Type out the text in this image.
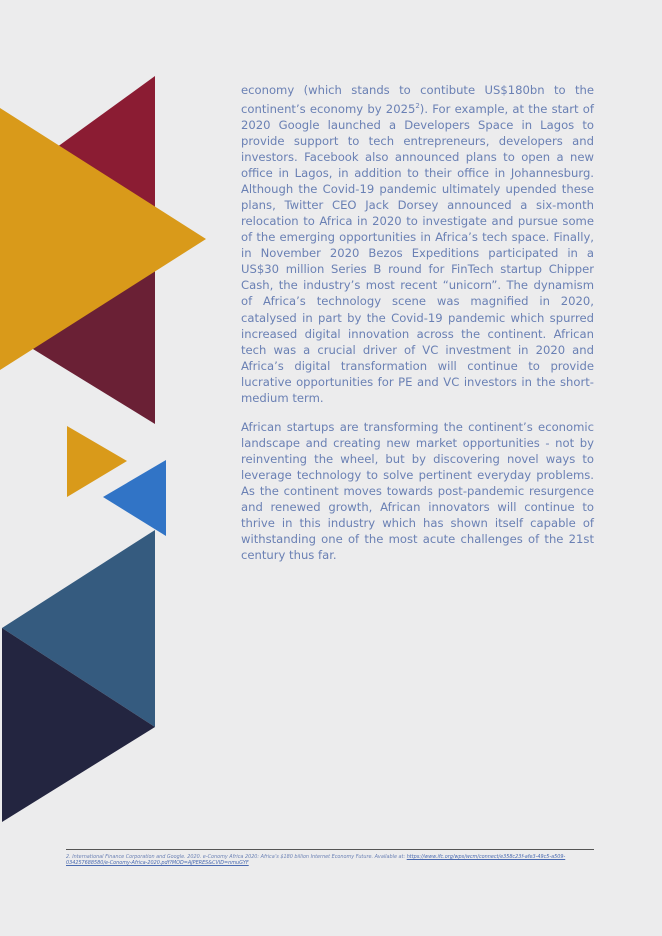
economy (which stands to contibute US$180bn to the continent’s economy by 2025$^2$). For example, at the start of 2020 Google launched a Developers Space in Lagos to provide support to tech entrepreneurs, developers and investors. Facebook also announced plans to open a new office in Lagos, in addition to their office in Johannesburg. Although the Covid-19 pandemic ultimately upended these plans, Twitter CEO Jack Dorsey announced a six-month relocation to Africa in 2020 to investigate and pursue some of the emerging opportunities in Africa’s tech space. Finally, in November 2020 Bezos Expeditions participated in a US$30 million Series B round for FinTech startup Chipper Cash, the industry’s most recent “unicorn”. The dynamism of Africa’s technology scene was magnified in 2020, catalysed in part by the Covid-19 pandemic which spurred increased digital innovation across the continent. African tech was a crucial driver of VC investment in 2020 and Africa’s digital transformation will continue to provide lucrative opportunities for PE and VC investors in the short-medium term.

African startups are transforming the continent’s economic landscape and creating new market opportunities - not by reinventing the wheel, but by discovering novel ways to leverage technology to solve pertinent everyday problems. As the continent moves towards post-pandemic resurgence and renewed growth, African innovators will continue to thrive in this industry which has shown itself capable of withstanding one of the most acute challenges of the 21st century thus far.

2. International Finance Corporation and Google. 2020. e-Conomy Africa 2020: Africa’s $180 billion Internet Economy Future. Available at: https://www.ifc.org/wps/wcm/connect/e358c23f-afe3-49c5-a509-034257688580/e-Conomy-Africa-2020.pdf?MOD=AJPERES&CVID=nmuGYF
